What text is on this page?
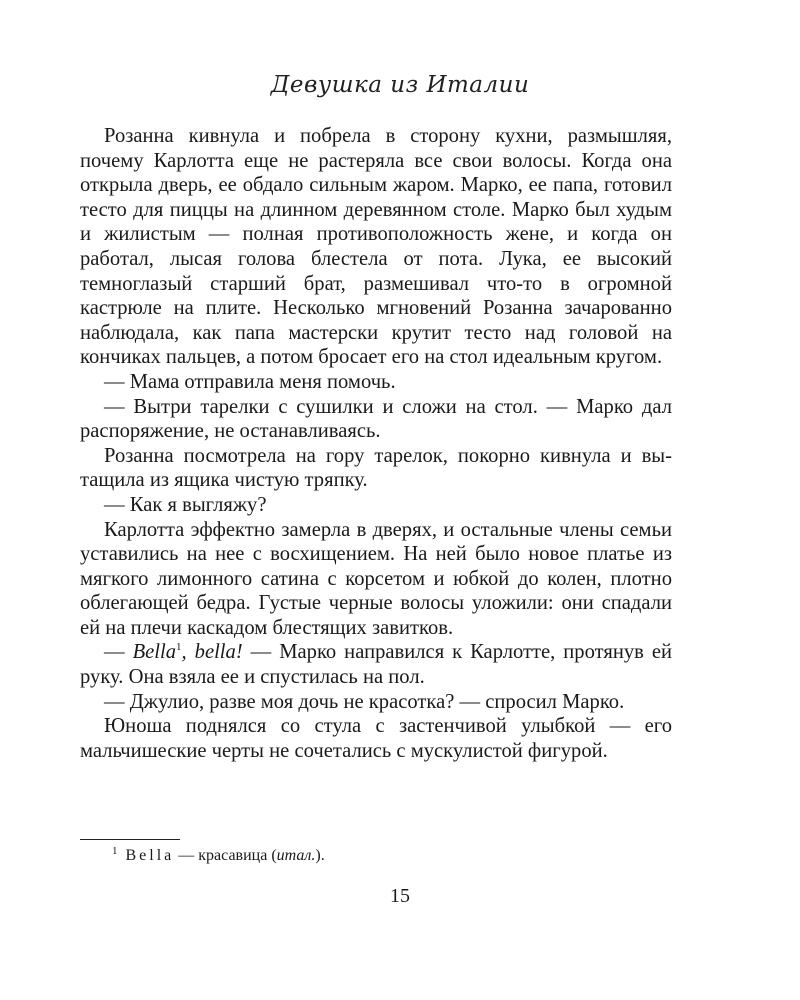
Девушка из Италии

Розанна кивнула и побрела в сторону кухни, размышляя, почему Карлотта еще не растеряла все свои волосы. Когда она открыла дверь, ее обдало сильным жаром. Марко, ее папа, готовил тесто для пиццы на длинном деревянном столе. Марко был худым и жилистым — полная противоположность жене, и когда он работал, лысая голова блестела от пота. Лука, ее высокий темноглазый старший брат, размешивал что-то в огромной кастрюле на плите. Несколько мгновений Розанна зачарованно наблюдала, как папа мастерски крутит тесто над головой на кончиках пальцев, а потом бросает его на стол идеальным кругом.

— Мама отправила меня помочь.

— Вытри тарелки с сушилки и сложи на стол. — Марко дал распоряжение, не останавливаясь.

Розанна посмотрела на гору тарелок, покорно кивнула и вытащила из ящика чистую тряпку.

— Как я выгляжу?

Карлотта эффектно замерла в дверях, и остальные члены семьи уставились на нее с восхищением. На ней было новое платье из мягкого лимонного сатина с корсетом и юбкой до колен, плотно облегающей бедра. Густые черные волосы уложили: они спадали ей на плечи каскадом блестящих завитков.

— Bella$^1$, bella! — Марко направился к Карлотте, протянув ей руку. Она взяла ее и спустилась на пол.

— Джулио, разве моя дочь не красотка? — спросил Марко.

Юноша поднялся со стула с застенчивой улыбкой — его мальчишеские черты не сочетались с мускулистой фигурой.

$^1$ Bella — красавица (итал.).
15
